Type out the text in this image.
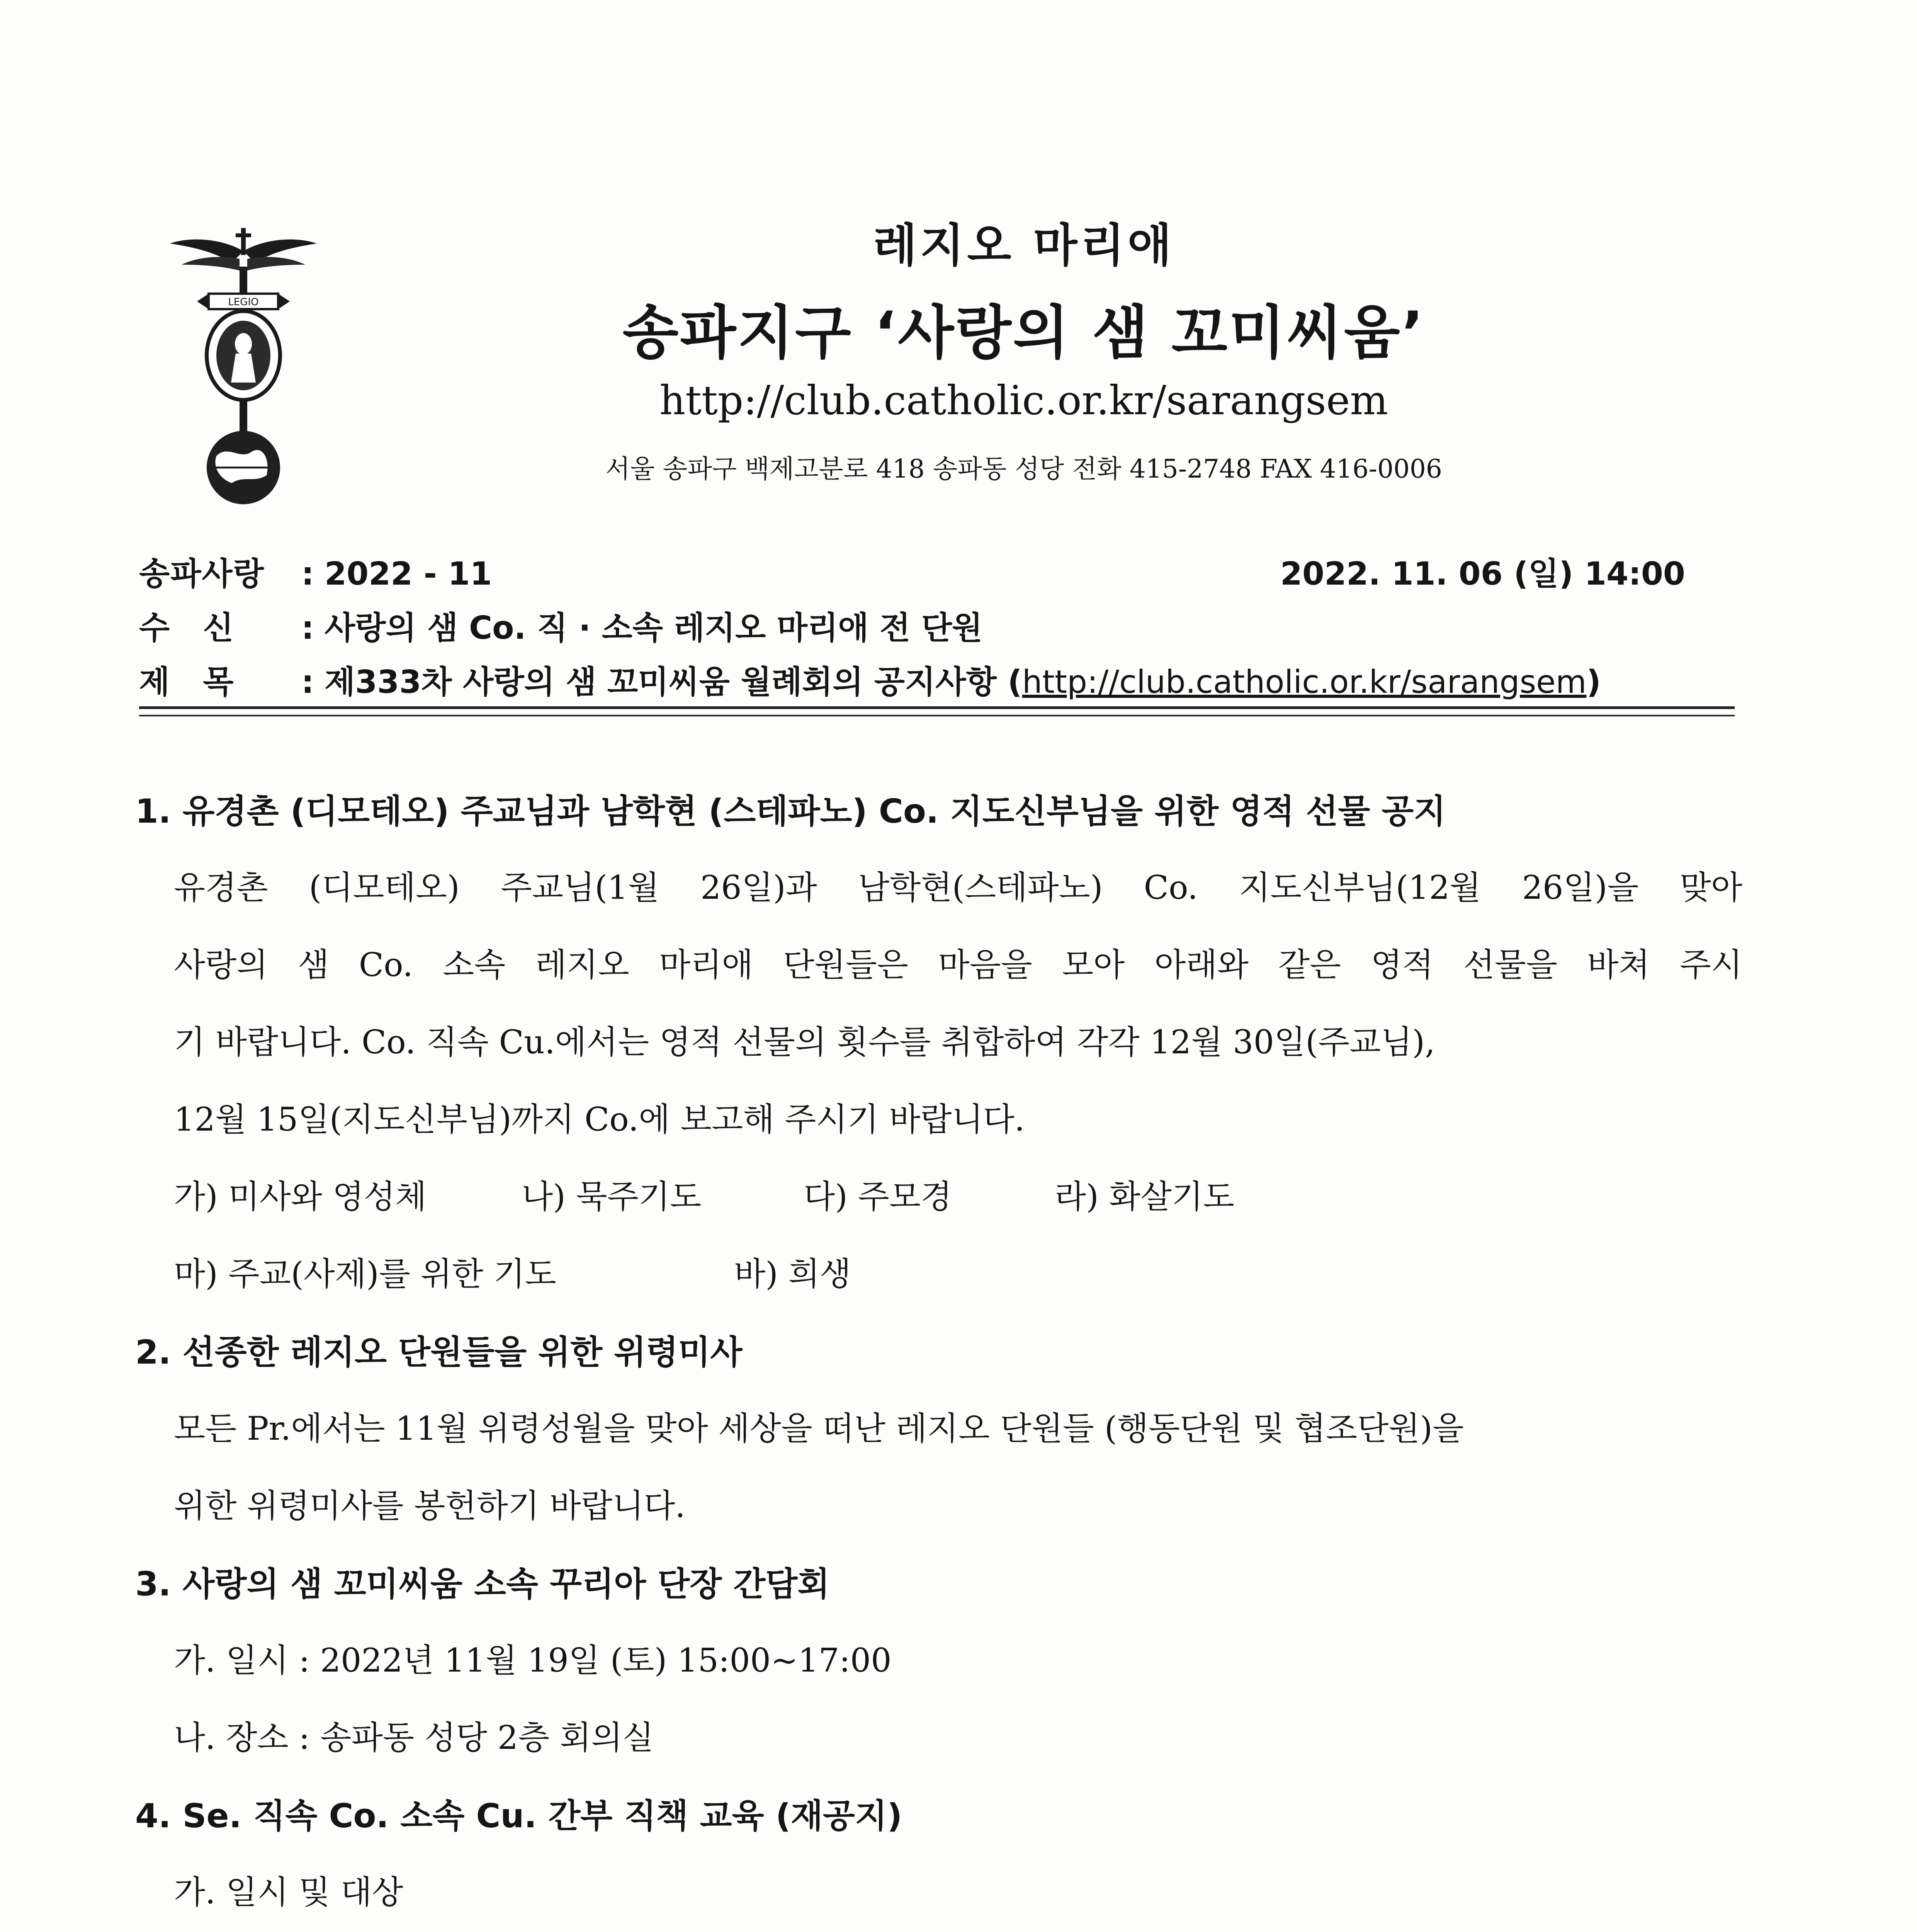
LEGIO
레지오 마리애
송파지구 ‘사랑의 샘 꼬미씨움’
http://club.catholic.or.kr/sarangsem
서울 송파구 백제고분로 418 송파동 성당 전화 415-2748 FAX 416-0006
송파사랑 : 2022 - 11	2022. 11. 06 (일) 14:00
수　신 : 사랑의 샘 Co. 직 · 소속 레지오 마리애 전 단원
제　목 : 제333차 사랑의 샘 꼬미씨움 월례회의 공지사항 (http://club.catholic.or.kr/sarangsem)
1. 유경촌 (디모테오) 주교님과 남학현 (스테파노) Co. 지도신부님을 위한 영적 선물 공지
유경촌 (디모테오) 주교님(1월 26일)과 남학현(스테파노) Co. 지도신부님(12월 26일)을 맞아
사랑의 샘 Co. 소속 레지오 마리애 단원들은 마음을 모아 아래와 같은 영적 선물을 바쳐 주시
기 바랍니다. Co. 직속 Cu.에서는 영적 선물의 횟수를 취합하여 각각 12월 30일(주교님),
12월 15일(지도신부님)까지 Co.에 보고해 주시기 바랍니다.
가) 미사와 영성체	나) 묵주기도	다) 주모경	라) 화살기도
마) 주교(사제)를 위한 기도	바) 희생
2. 선종한 레지오 단원들을 위한 위령미사
모든 Pr.에서는 11월 위령성월을 맞아 세상을 떠난 레지오 단원들 (행동단원 및 협조단원)을
위한 위령미사를 봉헌하기 바랍니다.
3. 사랑의 샘 꼬미씨움 소속 꾸리아 단장 간담회
가. 일시 : 2022년 11월 19일 (토) 15:00~17:00
나. 장소 : 송파동 성당 2층 회의실
4. Se. 직속 Co. 소속 Cu. 간부 직책 교육 (재공지)
가. 일시 및 대상
